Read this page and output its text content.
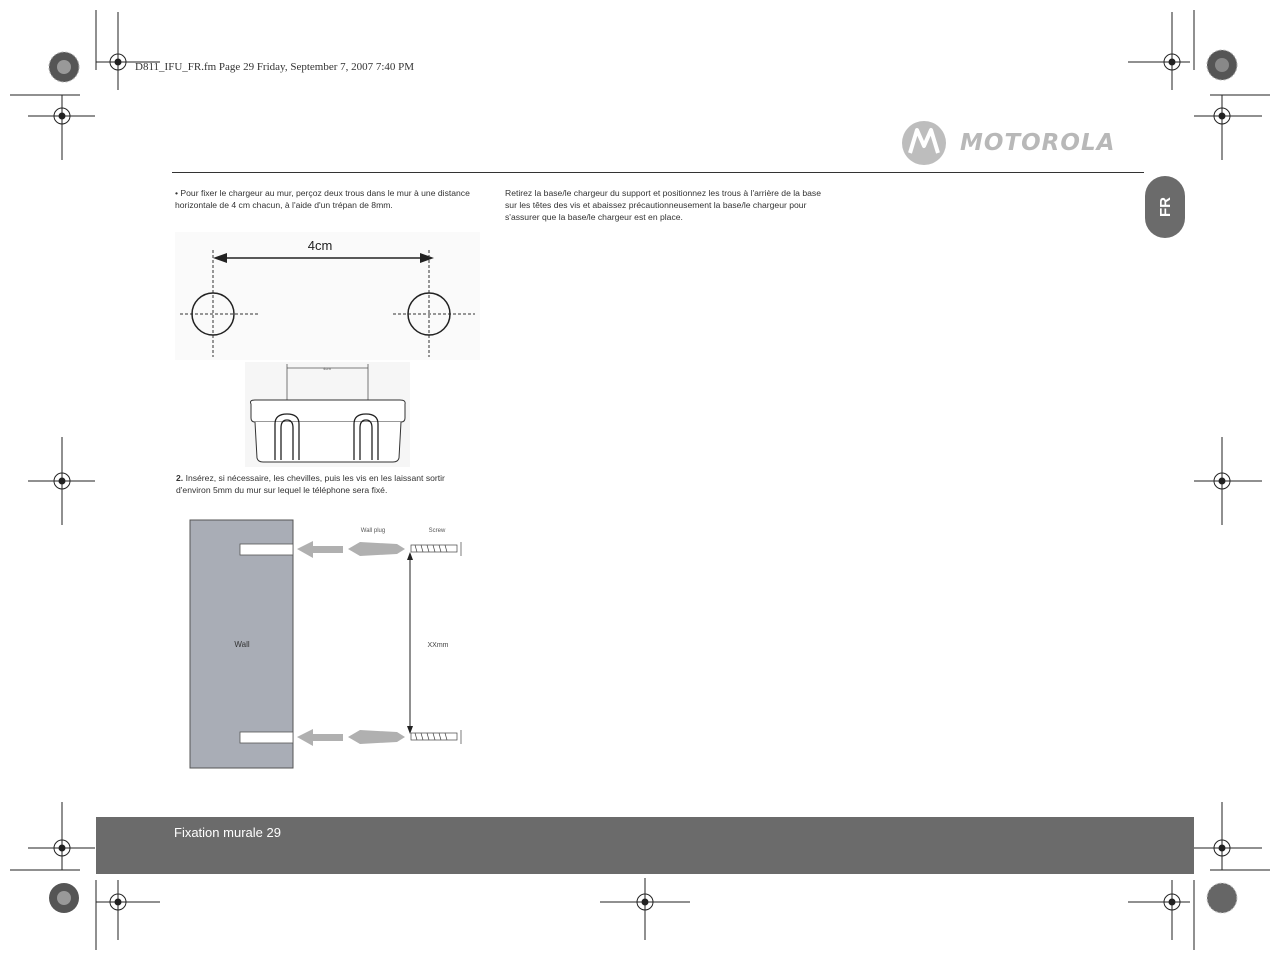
D811_IFU_FR.fm Page 29 Friday, September 7, 2007 7:40 PM
MOTOROLA
FR
• Pour fixer le chargeur au mur, perçoz deux trous dans le mur à une distance horizontale de 4 cm chacun, à l'aide d'un trépan de 8mm.
4cm
4cm
2. Insérez, si nécessaire, les chevilles, puis les vis en les laissant sortir d'environ 5mm du mur sur lequel le téléphone sera fixé.
Wall
Wall plug	Screw
XXmm
Retirez la base/le chargeur du support et positionnez les trous à l'arrière de la base sur les têtes des vis et abaissez précautionneusement la base/le chargeur pour s'assurer que la base/le chargeur est en place.
Fixation murale 29
